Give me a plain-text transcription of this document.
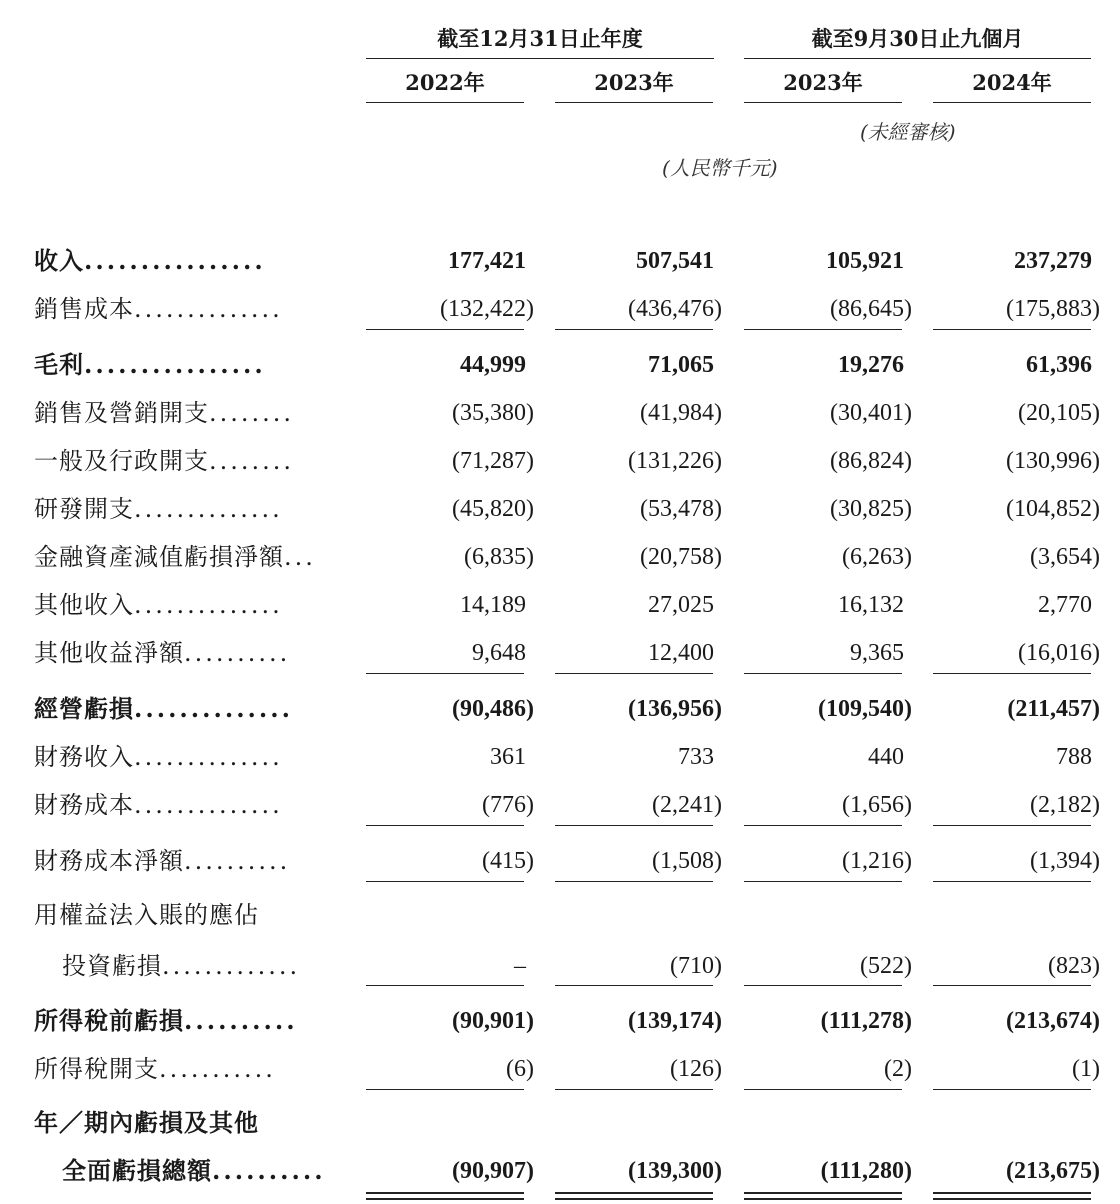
截至12月31日止年度	截至9月30日止九個月
2022年	2023年	2023年	2024年
(未經審核)
(人民幣千元)
收入................	177,421	507,541	105,921	237,279
銷售成本..............	(132,422)	(436,476)	(86,645)	(175,883)
毛利................	44,999	71,065	19,276	61,396
銷售及營銷開支........	(35,380)	(41,984)	(30,401)	(20,105)
一般及行政開支........	(71,287)	(131,226)	(86,824)	(130,996)
研發開支..............	(45,820)	(53,478)	(30,825)	(104,852)
金融資產減值虧損淨額...	(6,835)	(20,758)	(6,263)	(3,654)
其他收入..............	14,189	27,025	16,132	2,770
其他收益淨額..........	9,648	12,400	9,365	(16,016)
經營虧損..............	(90,486)	(136,956)	(109,540)	(211,457)
財務收入..............	361	733	440	788
財務成本..............	(776)	(2,241)	(1,656)	(2,182)
財務成本淨額..........	(415)	(1,508)	(1,216)	(1,394)
用權益法入賬的應佔
投資虧損.............	–	(710)	(522)	(823)
所得稅前虧損..........	(90,901)	(139,174)	(111,278)	(213,674)
所得稅開支...........	(6)	(126)	(2)	(1)
年／期內虧損及其他
全面虧損總額..........	(90,907)	(139,300)	(111,280)	(213,675)
